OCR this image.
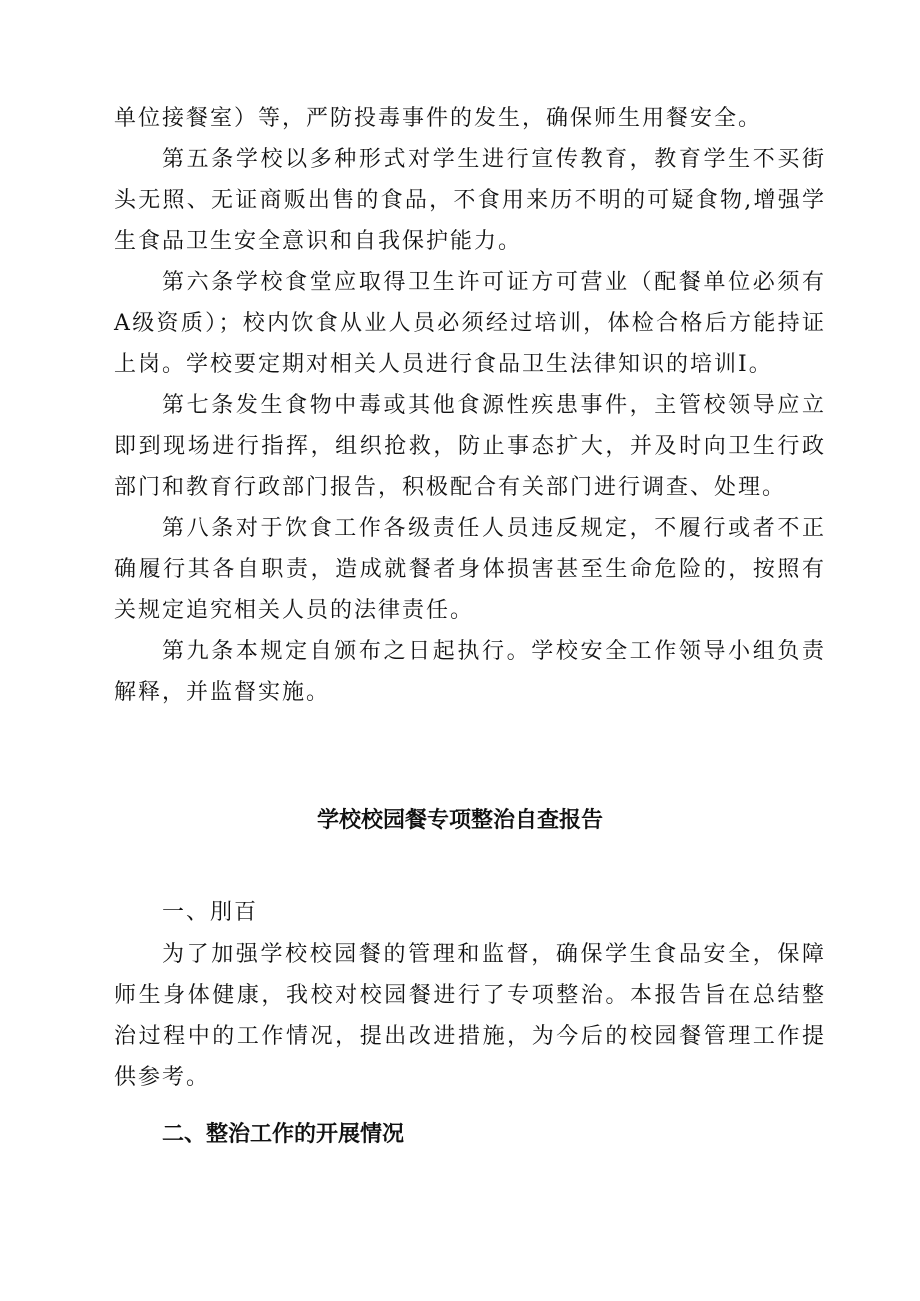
单位接餐室）等，严防投毒事件的发生，确保师生用餐安全。

第五条学校以多种形式对学生进行宣传教育，教育学生不买街头无照、无证商贩出售的食品，不食用来历不明的可疑食物,增强学生食品卫生安全意识和自我保护能力。

第六条学校食堂应取得卫生许可证方可营业（配餐单位必须有A级资质）；校内饮食从业人员必须经过培训，体检合格后方能持证上岗。学校要定期对相关人员进行食品卫生法律知识的培训I。

第七条发生食物中毒或其他食源性疾患事件，主管校领导应立即到现场进行指挥，组织抢救，防止事态扩大，并及时向卫生行政部门和教育行政部门报告，积极配合有关部门进行调查、处理。

第八条对于饮食工作各级责任人员违反规定，不履行或者不正确履行其各自职责，造成就餐者身体损害甚至生命危险的，按照有关规定追究相关人员的法律责任。

第九条本规定自颁布之日起执行。学校安全工作领导小组负责解释，并监督实施。

学校校园餐专项整治自查报告

一、刖百

为了加强学校校园餐的管理和监督，确保学生食品安全，保障师生身体健康，我校对校园餐进行了专项整治。本报告旨在总结整治过程中的工作情况，提出改进措施，为今后的校园餐管理工作提供参考。

二、整治工作的开展情况
